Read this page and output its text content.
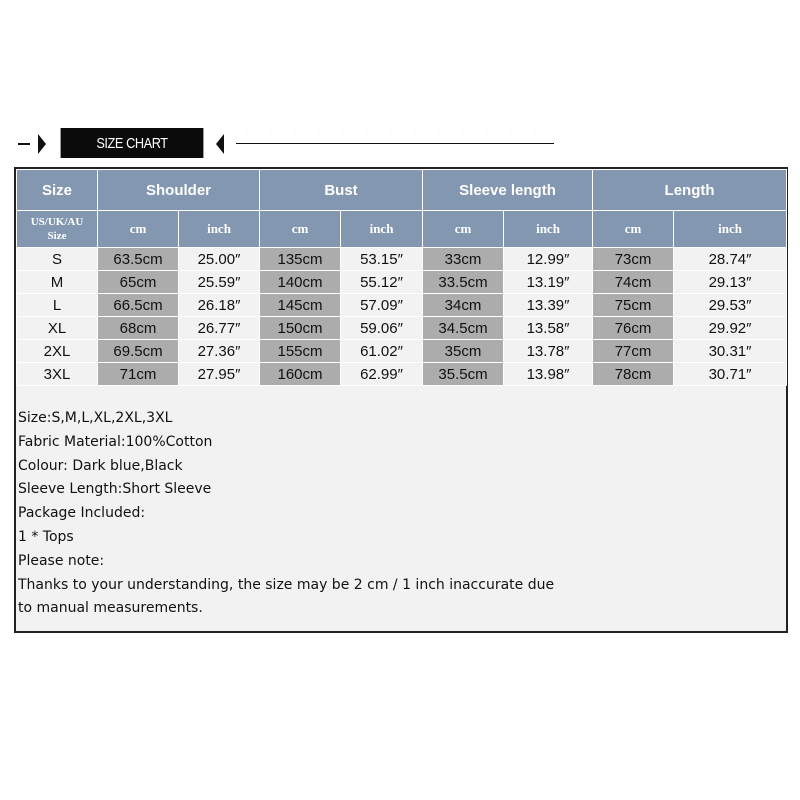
SIZE CHART
Size	Shoulder		Bust		Sleeve length		Length	

US/UK/AU
Size	cm	inch	cm	inch	cm	inch	cm	inch
S	63.5cm	25.00″	135cm	53.15″	33cm	12.99″	73cm	28.74″
M	65cm	25.59″	140cm	55.12″	33.5cm	13.19″	74cm	29.13″
L	66.5cm	26.18″	145cm	57.09″	34cm	13.39″	75cm	29.53″
XL	68cm	26.77″	150cm	59.06″	34.5cm	13.58″	76cm	29.92″
2XL	69.5cm	27.36″	155cm	61.02″	35cm	13.78″	77cm	30.31″
3XL	71cm	27.95″	160cm	62.99″	35.5cm	13.98″	78cm	30.71″
Size:S,M,L,XL,2XL,3XL
Fabric Material:100%Cotton
Colour: Dark blue,Black
Sleeve Length:Short Sleeve
Package Included:
1 * Tops
Please note:
Thanks to your understanding, the size may be 2 cm / 1 inch inaccurate due
to manual measurements.
